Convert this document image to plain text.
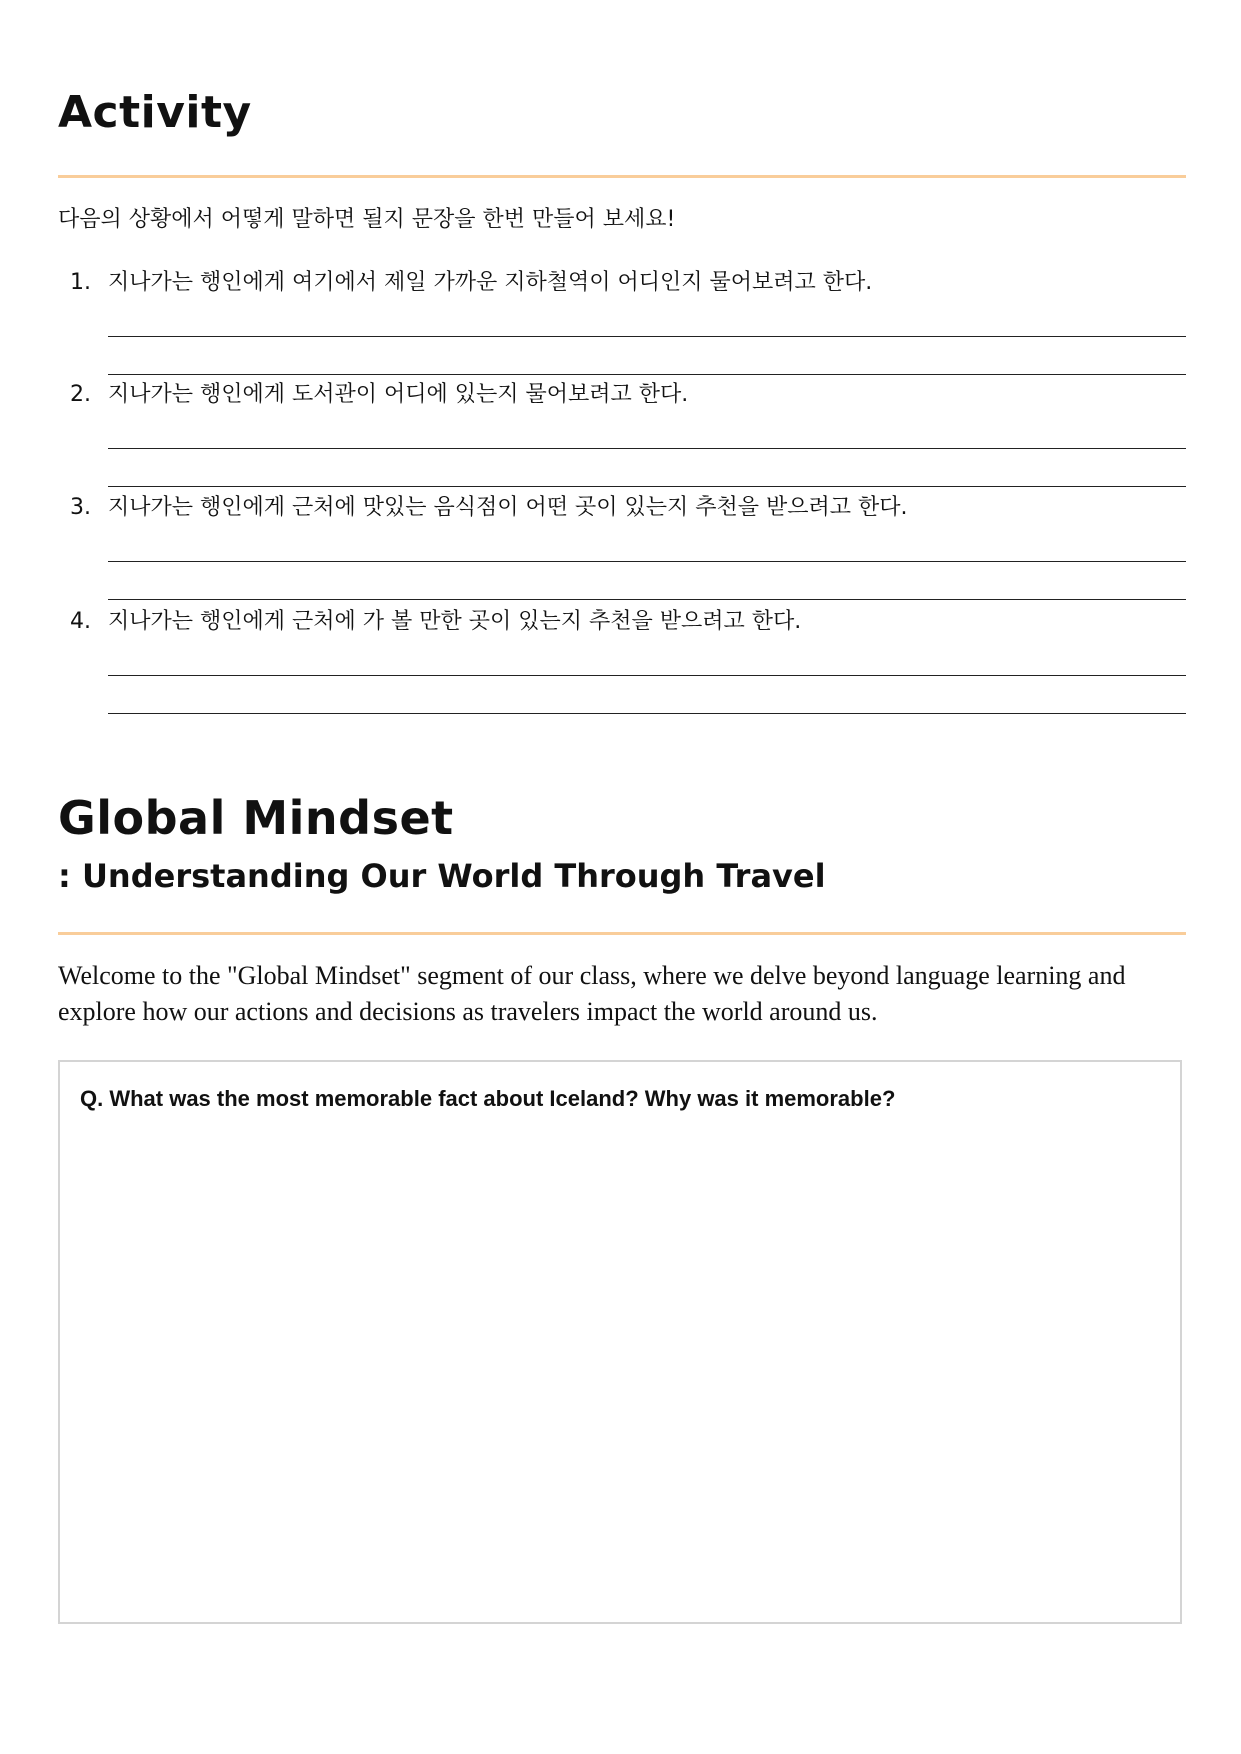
Activity
다음의 상황에서 어떻게 말하면 될지 문장을 한번 만들어 보세요!
1. 지나가는 행인에게 여기에서 제일 가까운 지하철역이 어디인지 물어보려고 한다.
2. 지나가는 행인에게 도서관이 어디에 있는지 물어보려고 한다.
3. 지나가는 행인에게 근처에 맛있는 음식점이 어떤 곳이 있는지 추천을 받으려고 한다.
4. 지나가는 행인에게 근처에 가 볼 만한 곳이 있는지 추천을 받으려고 한다.
Global Mindset
: Understanding Our World Through Travel
Welcome to the "Global Mindset" segment of our class, where we delve beyond language learning and explore how our actions and decisions as travelers impact the world around us.
Q. What was the most memorable fact about Iceland? Why was it memorable?
